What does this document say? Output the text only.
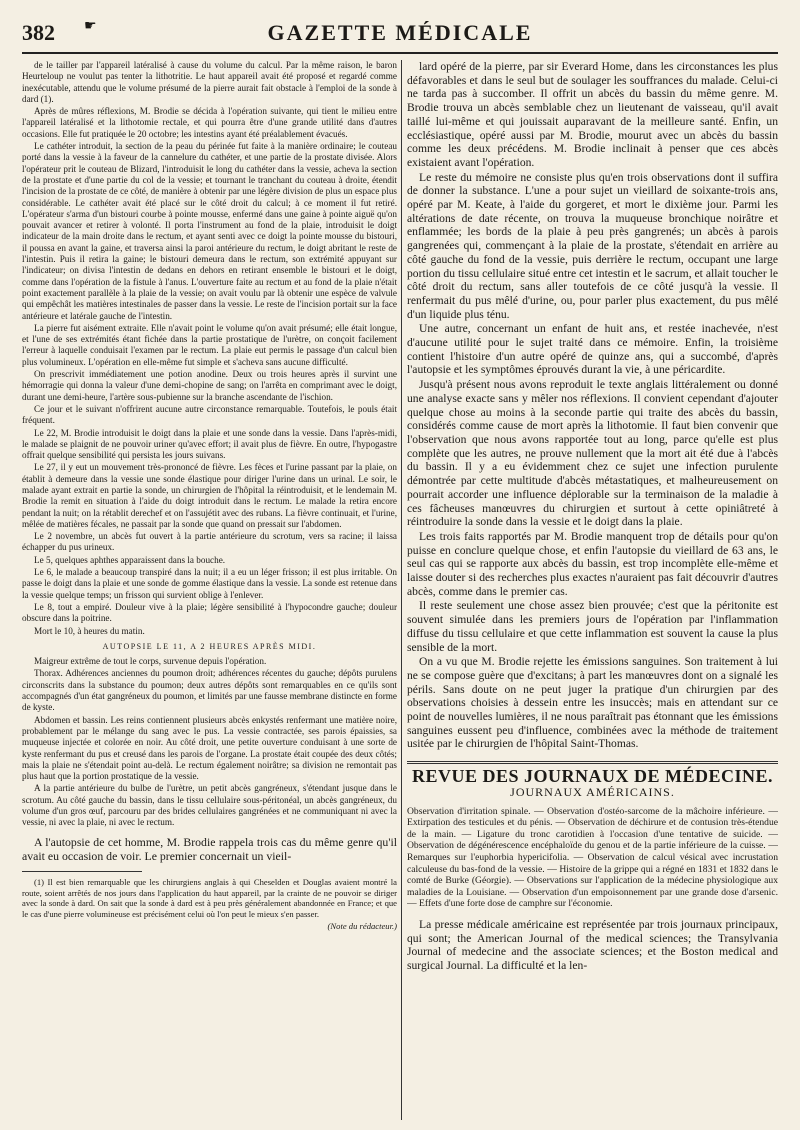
382 ☛	GAZETTE MÉDICALE

de le tailler par l'appareil latéralisé à cause du volume du calcul. Par la même raison, le baron Heurteloup ne voulut pas tenter la lithotritie. Le haut appareil avait été proposé et regardé comme inexécutable, attendu que le volume présumé de la pierre aurait fait obstacle à l'emploi de la sonde à dard (1).

Après de mûres réflexions, M. Brodie se décida à l'opération suivante, qui tient le milieu entre l'appareil latéralisé et la lithotomie rectale, et qui pourra être d'une grande utilité dans d'autres occasions. Elle fut pratiquée le 20 octobre; les intestins ayant été préalablement évacués.

Le cathéter introduit, la section de la peau du périnée fut faite à la manière ordinaire; le couteau porté dans la vessie à la faveur de la cannelure du cathéter, et une partie de la prostate divisée. Alors l'opérateur prit le couteau de Blizard, l'introduisit le long du cathéter dans la vessie, acheva la section de la prostate et d'une partie du col de la vessie; et tournant le tranchant du couteau à droite, étendit l'incision de la prostate de ce côté, de manière à obtenir par une légère division de plus un espace plus considérable. Le cathéter avait été placé sur le côté droit du calcul; à ce moment il fut retiré. L'opérateur s'arma d'un bistouri courbe à pointe mousse, enfermé dans une gaine à pointe aiguë qu'on pouvait avancer et retirer à volonté. Il porta l'instrument au fond de la plaie, introduisit le doigt indicateur de la main droite dans le rectum, et ayant senti avec ce doigt la pointe mousse du bistouri, il poussa en avant la gaine, et traversa ainsi la paroi antérieure du rectum, le doigt abritant le reste de l'intestin. Puis il retira la gaine; le bistouri demeura dans le rectum, son extrémité appuyant sur l'indicateur; on divisa l'intestin de dedans en dehors en retirant ensemble le bistouri et le doigt, comme dans l'opération de la fistule à l'anus. L'ouverture faite au rectum et au fond de la plaie n'était point exactement parallèle à la plaie de la vessie; on avait voulu par là obtenir une espèce de valvule qui empêchât les matières intestinales de passer dans la vessie. Le reste de l'incision portait sur la face antérieure et latérale gauche de l'intestin.

La pierre fut aisément extraite. Elle n'avait point le volume qu'on avait présumé; elle était longue, et l'une de ses extrémités étant fichée dans la partie prostatique de l'urètre, on conçoit facilement l'erreur à laquelle conduisait l'examen par le rectum. La plaie eut permis le passage d'un calcul bien plus volumineux. L'opération en elle-même fut simple et s'acheva sans aucune difficulté.

On prescrivit immédiatement une potion anodine. Deux ou trois heures après il survint une hémorragie qui donna la valeur d'une demi-chopine de sang; on l'arrêta en comprimant avec le doigt, durant une demi-heure, l'artère sous-pubienne sur la branche ascendante de l'ischion.

Ce jour et le suivant n'offrirent aucune autre circonstance remarquable. Toutefois, le pouls était fréquent.

Le 22, M. Brodie introduisit le doigt dans la plaie et une sonde dans la vessie. Dans l'après-midi, le malade se plaignit de ne pouvoir uriner qu'avec effort; il avait plus de fièvre. En outre, l'hypogastre offrait quelque sensibilité qui persista les jours suivans.

Le 27, il y eut un mouvement très-prononcé de fièvre. Les fèces et l'urine passant par la plaie, on établit à demeure dans la vessie une sonde élastique pour diriger l'urine dans un urinal. Le soir, le malade ayant extrait en partie la sonde, un chirurgien de l'hôpital la réintroduisit, et le lendemain M. Brodie la remit en situation à l'aide du doigt introduit dans le rectum. Le malade la retira encore pendant la nuit; on la rétablit derechef et on l'assujétit avec des rubans. La fièvre continuait, et l'urine, mêlée de matières fécales, ne passait par la sonde que quand on pressait sur l'abdomen.

Le 2 novembre, un abcès fut ouvert à la partie antérieure du scrotum, vers sa racine; il laissa échapper du pus urineux.

Le 5, quelques aphthes apparaissent dans la bouche.

Le 6, le malade a beaucoup transpiré dans la nuit; il a eu un léger frisson; il est plus irritable. On passe le doigt dans la plaie et une sonde de gomme élastique dans la vessie. La sonde est retenue dans la vessie quelque temps; un frisson qui survient oblige à l'enlever.

Le 8, tout a empiré. Douleur vive à la plaie; légère sensibilité à l'hypocondre gauche; douleur obscure dans la poitrine.

Mort le 10, à heures du matin.

AUTOPSIE LE 11, A 2 HEURES APRÈS MIDI.

Maigreur extrême de tout le corps, survenue depuis l'opération.

Thorax. Adhérences anciennes du poumon droit; adhérences récentes du gauche; dépôts purulens circonscrits dans la substance du poumon; deux autres dépôts sont remarquables en ce qu'ils sont accompagnés d'un état gangréneux du poumon, et limités par une fausse membrane distincte en forme de kyste.

Abdomen et bassin. Les reins contiennent plusieurs abcès enkystés renfermant une matière noire, probablement par le mélange du sang avec le pus. La vessie contractée, ses parois épaissies, sa muqueuse injectée et colorée en noir. Au côté droit, une petite ouverture conduisant à une sorte de kyste renfermant du pus et creusé dans les parois de l'organe. La prostate était coupée des deux côtés; mais la plaie ne s'étendait point au-delà. Le rectum également noirâtre; sa division ne remontait pas plus haut que la portion prostatique de la vessie.

A la partie antérieure du bulbe de l'urètre, un petit abcès gangréneux, s'étendant jusque dans le scrotum. Au côté gauche du bassin, dans le tissu cellulaire sous-péritonéal, un abcès gangréneux, du volume d'un gros œuf, parcouru par des brides cellulaires gangrénées et ne communiquant ni avec la vessie, ni avec la plaie, ni avec le rectum.

A l'autopsie de cet homme, M. Brodie rappela trois cas du même genre qu'il avait eu occasion de voir. Le premier concernait un vieil-

(1) Il est bien remarquable que les chirurgiens anglais à qui Cheselden et Douglas avaient montré la route, soient arrêtés de nos jours dans l'application du haut appareil, par la crainte de ne pouvoir se diriger avec la sonde à dard. On sait que la sonde à dard est à peu près généralement abandonnée en France; et que le cas d'une pierre volumineuse est précisément celui où l'on peut le mieux s'en passer.

(Note du rédacteur.)

lard opéré de la pierre, par sir Everard Home, dans les circonstances les plus défavorables et dans le seul but de soulager les souffrances du malade. Celui-ci ne tarda pas à succomber. Il offrit un abcès du bassin du même genre. M. Brodie trouva un abcès semblable chez un lieutenant de vaisseau, qu'il avait taillé lui-même et qui jouissait auparavant de la meilleure santé. Enfin, un ecclésiastique, opéré aussi par M. Brodie, mourut avec un abcès du bassin comme les deux précédens. M. Brodie inclinait à penser que ces abcès existaient avant l'opération.

Le reste du mémoire ne consiste plus qu'en trois observations dont il suffira de donner la substance. L'une a pour sujet un vieillard de soixante-trois ans, opéré par M. Keate, à l'aide du gorgeret, et mort le dixième jour. Parmi les altérations de date récente, on trouva la muqueuse bronchique noirâtre et enflammée; les bords de la plaie à peu près gangrenés; un abcès à parois gangrenées qui, commençant à la plaie de la prostate, s'étendait en arrière au côté gauche du fond de la vessie, puis derrière le rectum, occupant une large portion du tissu cellulaire situé entre cet intestin et le sacrum, et allait toucher le côté droit du rectum, sans aller toutefois de ce côté jusqu'à la vessie. Il renfermait du pus mêlé d'urine, ou, pour parler plus exactement, du pus mêlé d'un liquide plus ténu.

Une autre, concernant un enfant de huit ans, et restée inachevée, n'est d'aucune utilité pour le sujet traité dans ce mémoire. Enfin, la troisième contient l'histoire d'un autre opéré de quinze ans, qui a succombé, d'après l'autopsie et les symptômes éprouvés durant la vie, à une péricardite.

Jusqu'à présent nous avons reproduit le texte anglais littéralement ou donné une analyse exacte sans y mêler nos réflexions. Il convient cependant d'ajouter quelque chose au moins à la seconde partie qui traite des abcès du bassin, considérés comme cause de mort après la lithotomie. Il faut bien convenir que l'observation que nous avons rapportée tout au long, parce qu'elle est plus complète que les autres, ne prouve nullement que la mort ait été due à l'abcès du bassin. Il y a eu évidemment chez ce sujet une infection purulente démontrée par cette multitude d'abcès métastatiques, et malheureusement on pourrait accorder une influence déplorable sur la terminaison de la maladie à ces fâcheuses manœuvres du chirurgien et surtout à cette opiniâtreté à réintroduire la sonde dans la vessie et le doigt dans la plaie.

Les trois faits rapportés par M. Brodie manquent trop de détails pour qu'on puisse en conclure quelque chose, et enfin l'autopsie du vieillard de 63 ans, le seul cas qui se rapporte aux abcès du bassin, est trop incomplète elle-même et laisse douter si des recherches plus exactes n'auraient pas fait découvrir d'autres abcès, comme dans le premier cas.

Il reste seulement une chose assez bien prouvée; c'est que la péritonite est souvent simulée dans les premiers jours de l'opération par l'inflammation diffuse du tissu cellulaire et que cette inflammation est souvent la cause la plus sensible de la mort.

On a vu que M. Brodie rejette les émissions sanguines. Son traitement à lui ne se compose guère que d'excitans; à part les manœuvres dont on a signalé les périls. Sans doute on ne peut juger la pratique d'un chirurgien par des observations choisies à dessein entre les insuccès; mais en attendant sur ce point de nouvelles lumières, il ne nous paraîtrait pas étonnant que les émissions sanguines eussent peu d'influence, combinées avec la méthode de traitement usitée par le chirurgien de l'hôpital Saint-Thomas.

REVUE DES JOURNAUX DE MÉDECINE.

JOURNAUX AMÉRICAINS.

Observation d'irritation spinale. — Observation d'ostéo-sarcome de la mâchoire inférieure. — Extirpation des testicules et du pénis. — Observation de déchirure et de contusion très-étendue de la main. — Ligature du tronc carotidien à l'occasion d'une tentative de suicide. — Observation de dégénérescence encéphaloïde du genou et de la partie inférieure de la cuisse. — Remarques sur l'euphorbia hypericifolia. — Observation de calcul vésical avec incrustation calculeuse du bas-fond de la vessie. — Histoire de la grippe qui a régné en 1831 et 1832 dans le comté de Burke (Géorgie). — Observations sur l'application de la médecine physiologique aux maladies de la Louisiane. — Observation d'un empoisonnement par une grande dose d'arsenic. — Effets d'une forte dose de camphre sur l'économie.

La presse médicale américaine est représentée par trois journaux principaux, qui sont; the American Journal of the medical sciences; the Transylvania Journal of medecine and the associate sciences; et the Boston medical and surgical Journal. La difficulté et la len-
